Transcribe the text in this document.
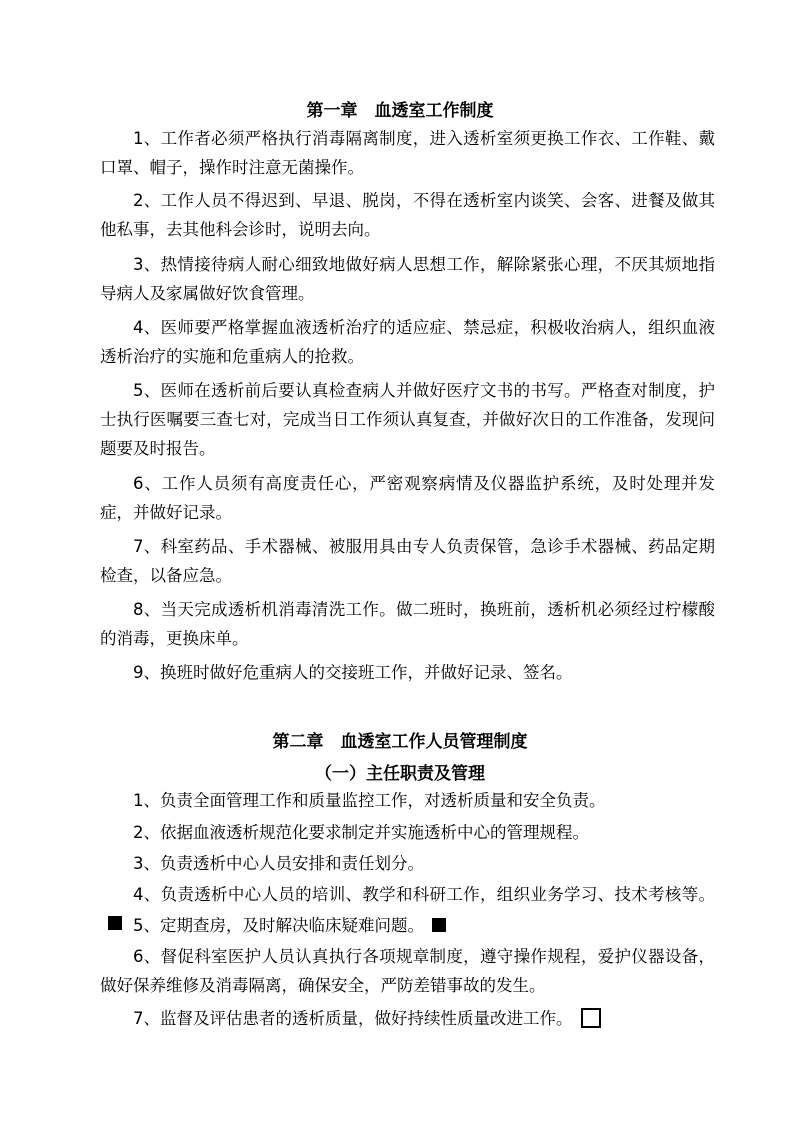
第一章　血透室工作制度
1、工作者必须严格执行消毒隔离制度，进入透析室须更换工作衣、工作鞋、戴口罩、帽子，操作时注意无菌操作。
2、工作人员不得迟到、早退、脱岗，不得在透析室内谈笑、会客、进餐及做其他私事，去其他科会诊时，说明去向。
3、热情接待病人耐心细致地做好病人思想工作，解除紧张心理，不厌其烦地指导病人及家属做好饮食管理。
4、医师要严格掌握血液透析治疗的适应症、禁忌症，积极收治病人，组织血液透析治疗的实施和危重病人的抢救。
5、医师在透析前后要认真检查病人并做好医疗文书的书写。严格查对制度，护士执行医嘱要三查七对，完成当日工作须认真复查，并做好次日的工作准备，发现问题要及时报告。
6、工作人员须有高度责任心，严密观察病情及仪器监护系统，及时处理并发症，并做好记录。
7、科室药品、手术器械、被服用具由专人负责保管，急诊手术器械、药品定期检查，以备应急。
8、当天完成透析机消毒清洗工作。做二班时，换班前，透析机必须经过柠檬酸的消毒，更换床单。
9、换班时做好危重病人的交接班工作，并做好记录、签名。
第二章　血透室工作人员管理制度
（一）主任职责及管理
1、负责全面管理工作和质量监控工作，对透析质量和安全负责。
2、依据血液透析规范化要求制定并实施透析中心的管理规程。
3、负责透析中心人员安排和责任划分。
4、负责透析中心人员的培训、教学和科研工作，组织业务学习、技术考核等。
5、定期查房，及时解决临床疑难问题。
6、督促科室医护人员认真执行各项规章制度，遵守操作规程，爱护仪器设备，做好保养维修及消毒隔离，确保安全，严防差错事故的发生。
7、监督及评估患者的透析质量，做好持续性质量改进工作。
